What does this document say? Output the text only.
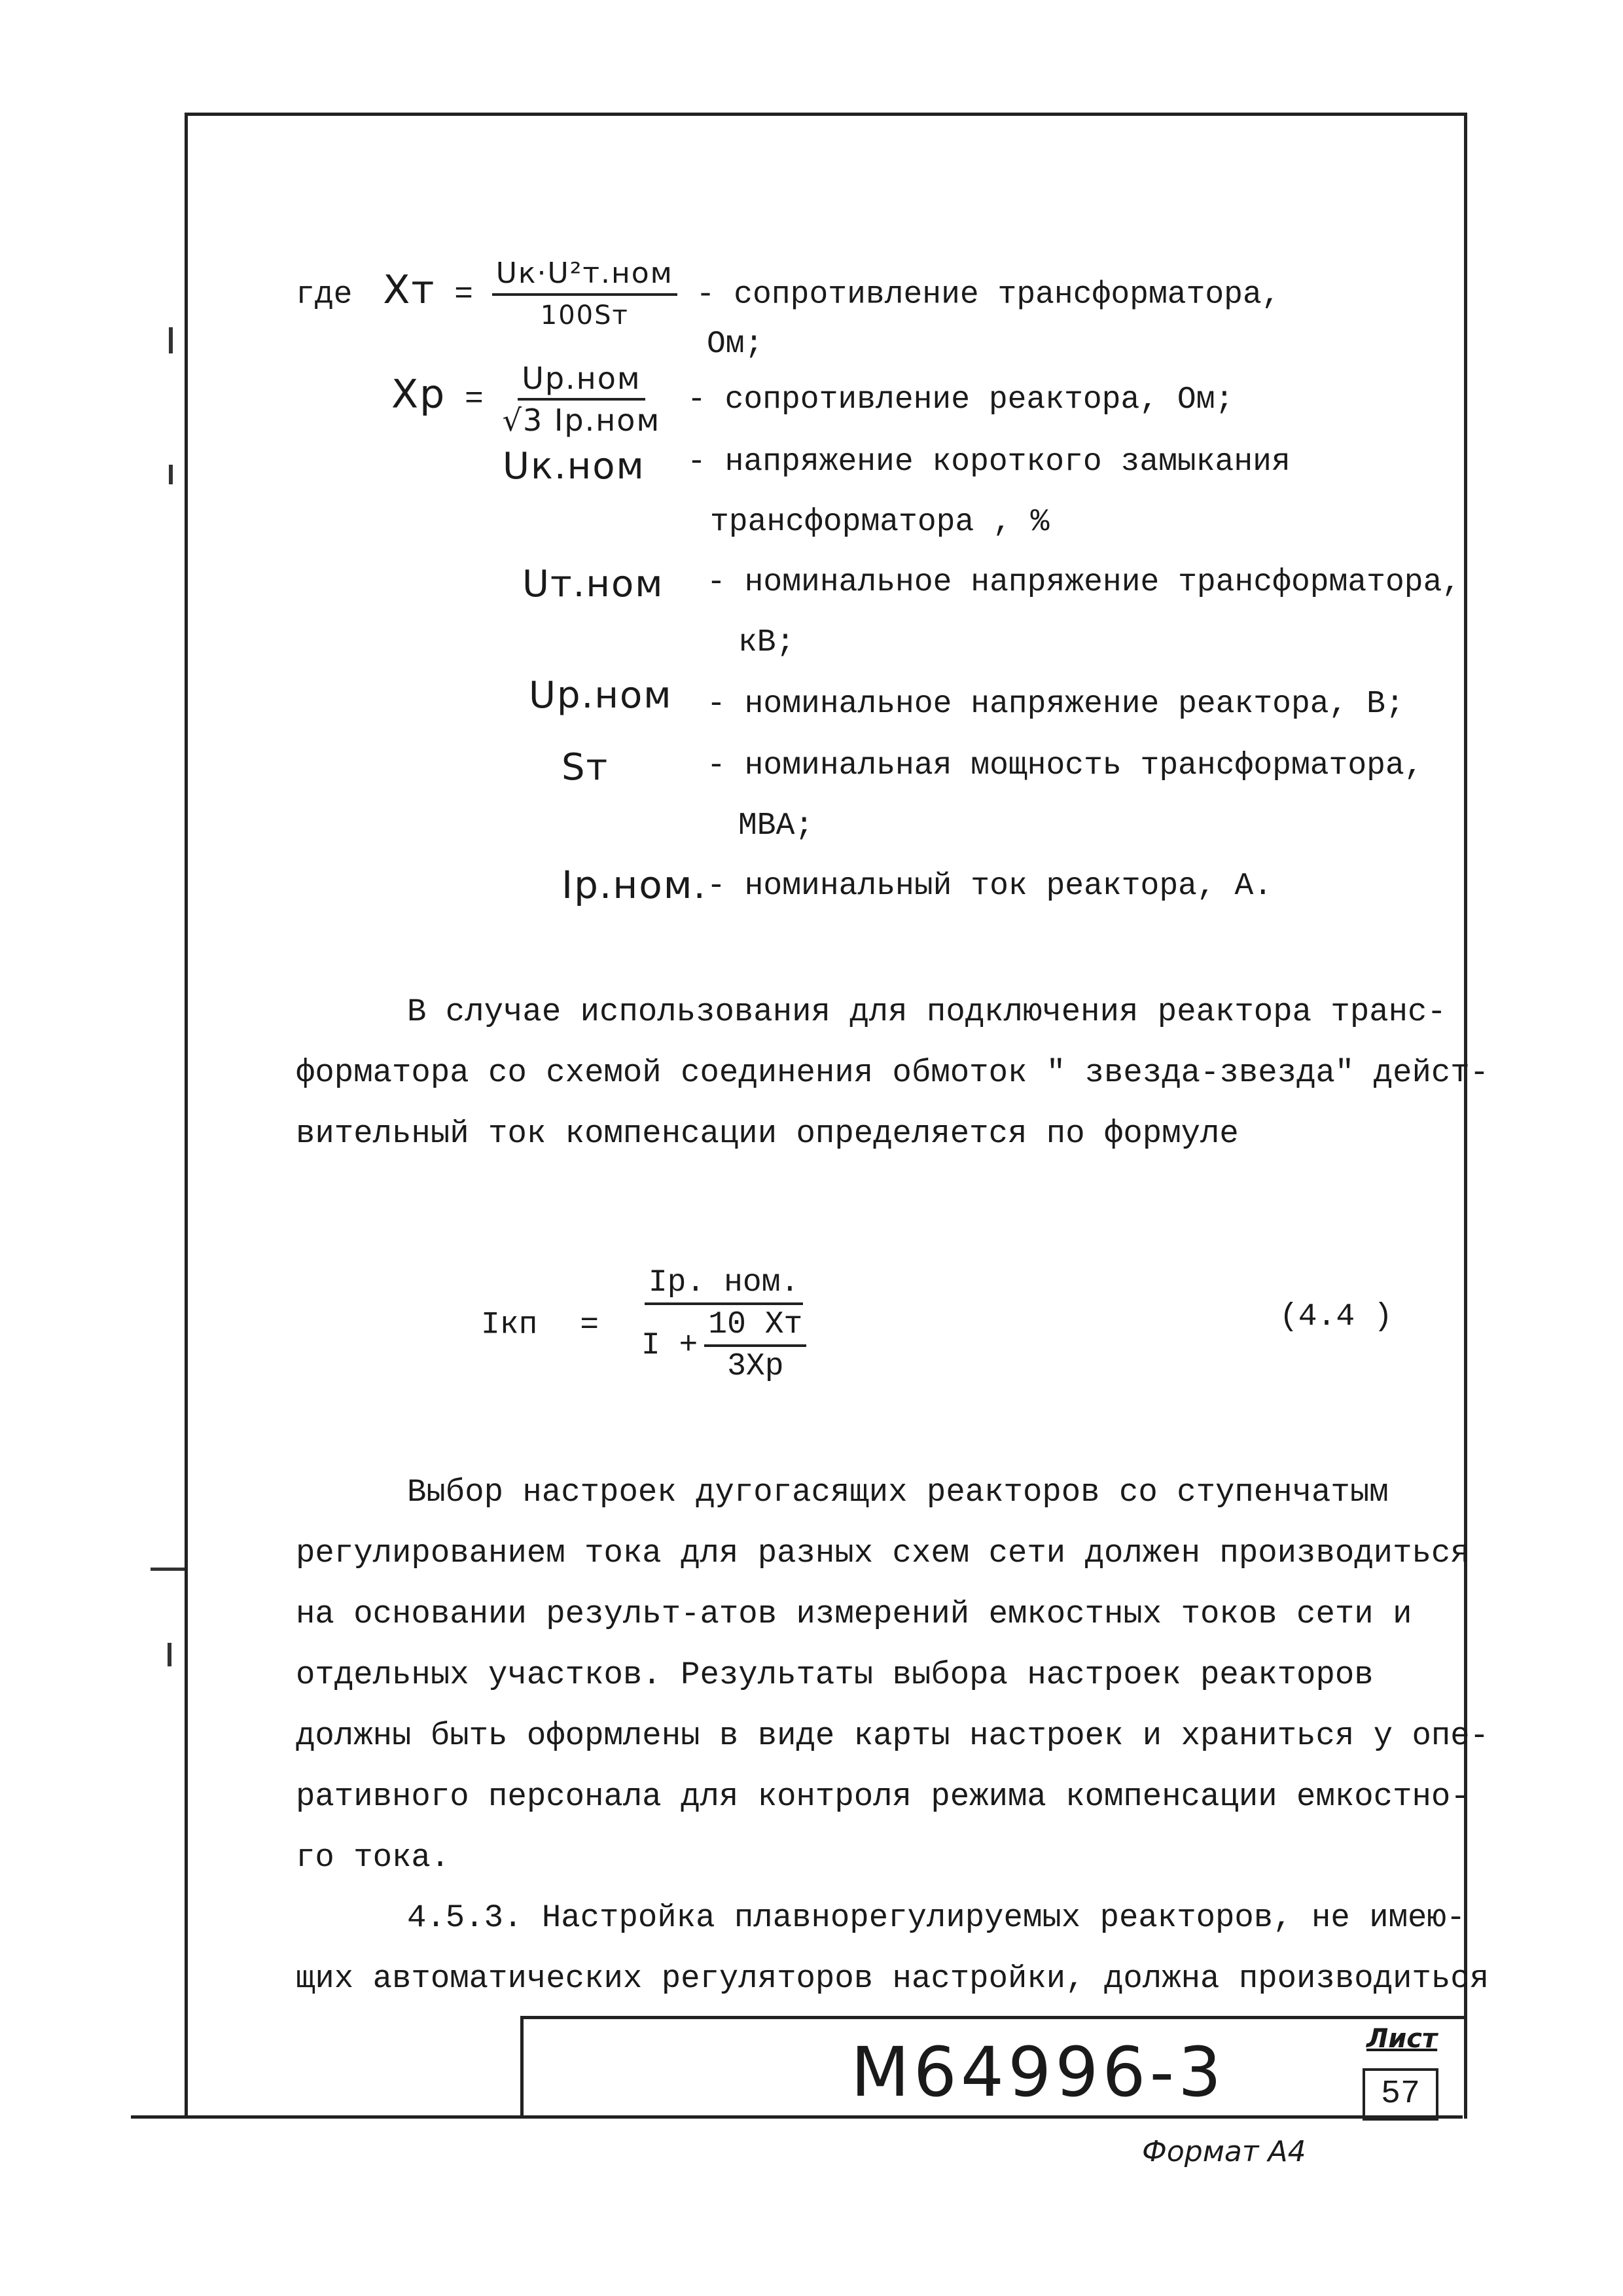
где Xт = $\frac{\text{Uк·U²т.ном}}{100Sт}$ - сопротивление трансформатора,
Ом;
Xр = $\frac{\text{Uр.ном}}{\text{√3 Iр.ном}}$ - сопротивление реактора, Ом;
Uк.ном - напряжение короткого замыкания
трансформатора , %
Uт.ном - номинальное напряжение трансформатора,
кВ;
Uр.ном - номинальное напряжение реактора, В;
Sт	- номинальная мощность трансформатора,
МВА;
Iр.ном. - номинальный ток реактора, А.
В случае использования для подключения реактора транс-
форматора со схемой соединения обмоток " звезда-звезда" дейст-
вительный ток компенсации определяется по формуле
Iкп = $\frac{\text{Iр. ном.}}{I + \frac{10 Xт}{3Xр}}$	(4.4 )
Выбор настроек дугогасящих реакторов со ступенчатым
регулированием тока для разных схем сети должен производиться
на основании результ-атов измерений емкостных токов сети и
отдельных участков. Результаты выбора настроек реакторов
должны быть оформлены в виде карты настроек и храниться у опе-
ративного персонала для контроля режима компенсации емкостно-
го тока.
4.5.3. Настройка плавнорегулируемых реакторов, не имею-
щих автоматических регуляторов настройки, должна производиться
М64996-3	Лист
57
Формат А4
